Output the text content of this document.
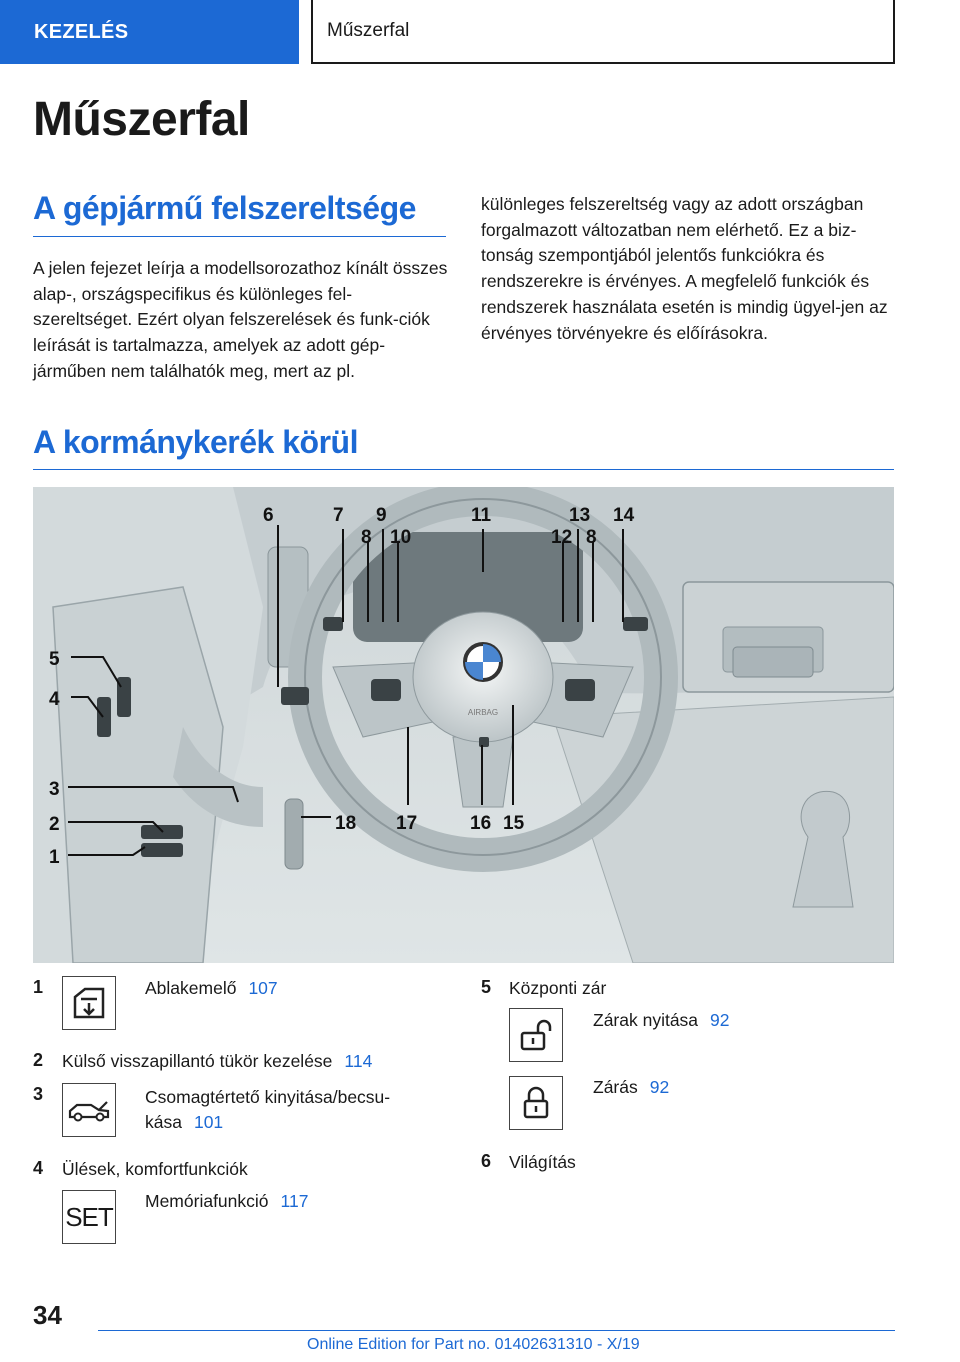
KEZELÉS	Műszerfal
Műszerfal
A gépjármű felszereltsége

A jelen fejezet leírja a modellsorozathoz kínált összes alap-, országspecifikus és különleges fel-szereltséget. Ezért olyan felszerelések és funk-ciók leírását is tartalmazza, amelyek az adott gép-járműben nem találhatók meg, mert az pl.

különleges felszereltség vagy az adott országban forgalmazott változatban nem elérhető. Ez a biz-tonság szempontjából jelentős funkciókra és rendszerekre is érvényes. A megfelelő funkciók és rendszerek használata esetén is mindig ügyel-jen az érvényes törvényekre és előírásokra.

A kormánykerék körül
AIRBAG
6	7
8
9
10
11
12
13
8
14
5
4
3
2
1
18 17	16 15
1	Ablakemelő 107
2 Külső visszapillantó tükör kezelése 114
3	Csomagtértető kinyitása/becsu-
kása 101
4 Ülések, komfortfunkciók
SET
Memóriafunkció 117
5 Központi zár
Zárak nyitása 92
Zárás 92
6 Világítás
34
Online Edition for Part no. 01402631310 - X/19
